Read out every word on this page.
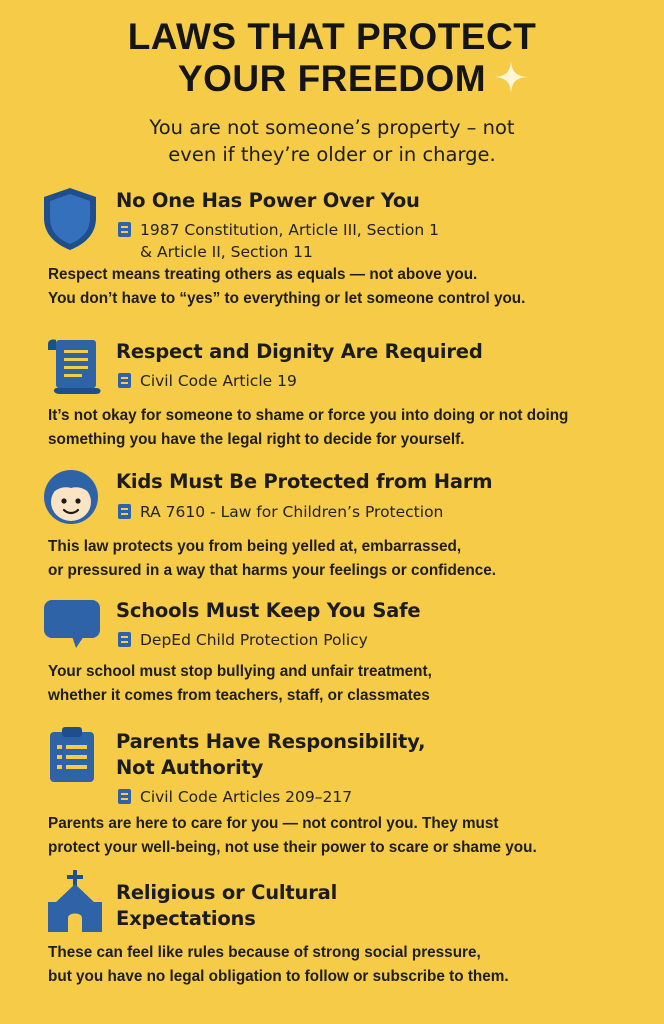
LAWS THAT PROTECT
YOUR FREEDOM
You are not someone’s property – not
even if they’re older or in charge.
No One Has Power Over You
1987 Constitution, Article III, Section 1
& Article II, Section 11
Respect means treating others as equals — not above you.
You don’t have to “yes” to everything or let someone control you.
Respect and Dignity Are Required
Civil Code Article 19
It’s not okay for someone to shame or force you into doing or not doing
something you have the legal right to decide for yourself.
Kids Must Be Protected from Harm
RA 7610 - Law for Children’s Protection
This law protects you from being yelled at, embarrassed,
or pressured in a way that harms your feelings or confidence.
Schools Must Keep You Safe
DepEd Child Protection Policy
Your school must stop bullying and unfair treatment,
whether it comes from teachers, staff, or classmates
Parents Have Responsibility,
Not Authority
Civil Code Articles 209–217
Parents are here to care for you — not control you. They must
protect your well-being, not use their power to scare or shame you.
Religious or Cultural
Expectations
These can feel like rules because of strong social pressure,
but you have no legal obligation to follow or subscribe to them.
